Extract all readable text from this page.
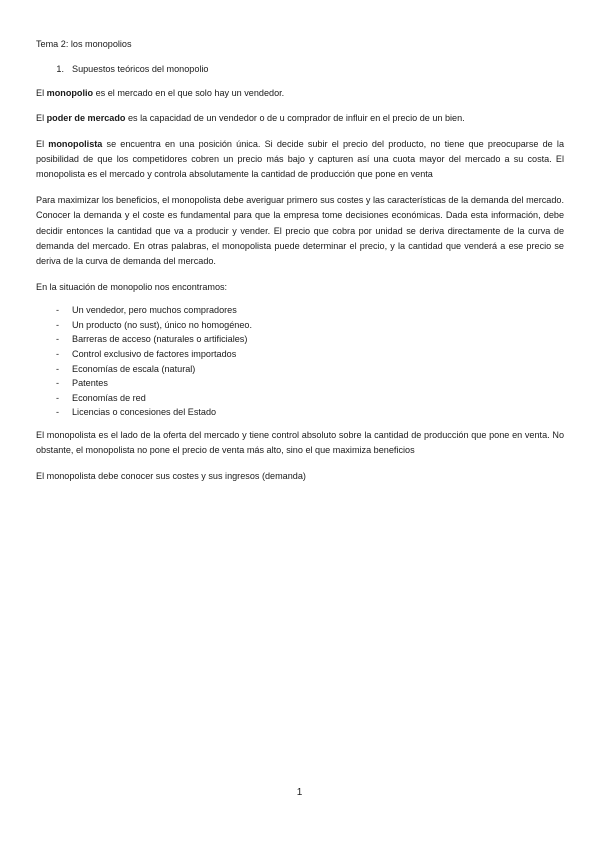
Tema 2: los monopolios

1. Supuestos teóricos del monopolio

El monopolio es el mercado en el que solo hay un vendedor.

El poder de mercado es la capacidad de un vendedor o de u comprador de influir en el precio de un bien.

El monopolista se encuentra en una posición única. Si decide subir el precio del producto, no tiene que preocuparse de la posibilidad de que los competidores cobren un precio más bajo y capturen así una cuota mayor del mercado a su costa. El monopolista es el mercado y controla absolutamente la cantidad de producción que pone en venta

Para maximizar los beneficios, el monopolista debe averiguar primero sus costes y las características de la demanda del mercado. Conocer la demanda y el coste es fundamental para que la empresa tome decisiones económicas. Dada esta información, debe decidir entonces la cantidad que va a producir y vender. El precio que cobra por unidad se deriva directamente de la curva de demanda del mercado. En otras palabras, el monopolista puede determinar el precio, y la cantidad que venderá a ese precio se deriva de la curva de demanda del mercado.

En la situación de monopolio nos encontramos:

-	Un vendedor, pero muchos compradores
-	Un producto (no sust), único no homogéneo.
-	Barreras de acceso (naturales o artificiales)
-	Control exclusivo de factores importados
-	Economías de escala (natural)
-	Patentes
-	Economías de red
-	Licencias o concesiones del Estado

El monopolista es el lado de la oferta del mercado y tiene control absoluto sobre la cantidad de producción que pone en venta. No obstante, el monopolista no pone el precio de venta más alto, sino el que maximiza beneficios

El monopolista debe conocer sus costes y sus ingresos (demanda)

1
